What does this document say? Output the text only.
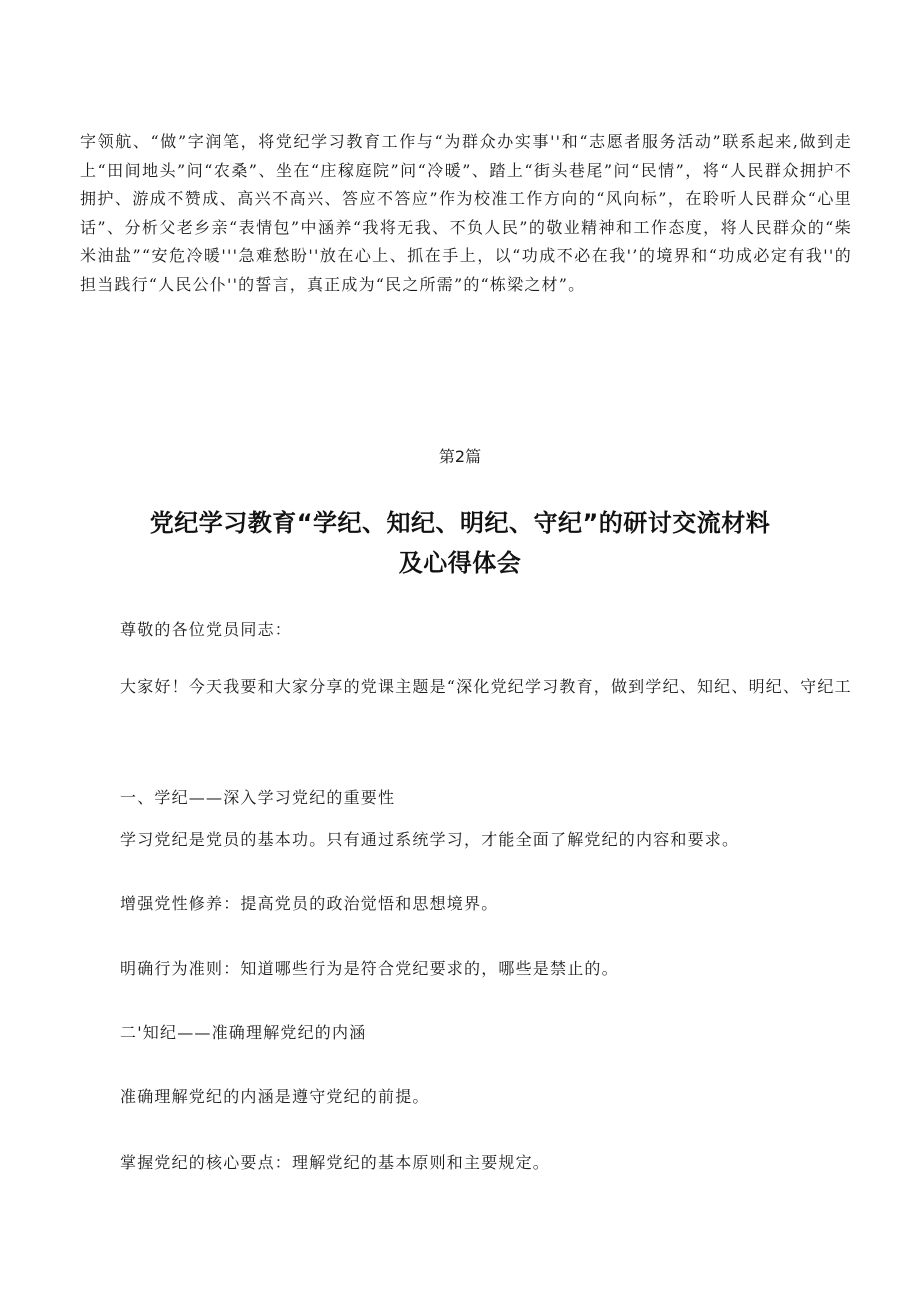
字领航、“做”字润笔，将党纪学习教育工作与“为群众办实事''和“志愿者服务活动”联系起来,做到走上“田间地头”问“农桑”、坐在“庄稼庭院”问“冷暖”、踏上“街头巷尾”问“民情”，将“人民群众拥护不拥护、游成不赞成、高兴不高兴、答应不答应”作为校准工作方向的“风向标”，在聆听人民群众“心里话”、分析父老乡亲“表情包”中涵养“我将无我、不负人民”的敬业精神和工作态度，将人民群众的“柴米油盐”“安危冷暖'''急难愁盼''放在心上、抓在手上，以“功成不必在我'’的境界和“功成必定有我''的担当践行“人民公仆''的誓言，真正成为“民之所需”的“栋梁之材”。

第2篇

党纪学习教育“学纪、知纪、明纪、守纪”的研讨交流材料
及心得体会

尊敬的各位党员同志：

大家好！今天我要和大家分享的党课主题是“深化党纪学习教育，做到学纪、知纪、明纪、守纪工

一、学纪——深入学习党纪的重要性

学习党纪是党员的基本功。只有通过系统学习，才能全面了解党纪的内容和要求。

增强党性修养：提高党员的政治觉悟和思想境界。

明确行为准则：知道哪些行为是符合党纪要求的，哪些是禁止的。

二'知纪——准确理解党纪的内涵

准确理解党纪的内涵是遵守党纪的前提。

掌握党纪的核心要点：理解党纪的基本原则和主要规定。
